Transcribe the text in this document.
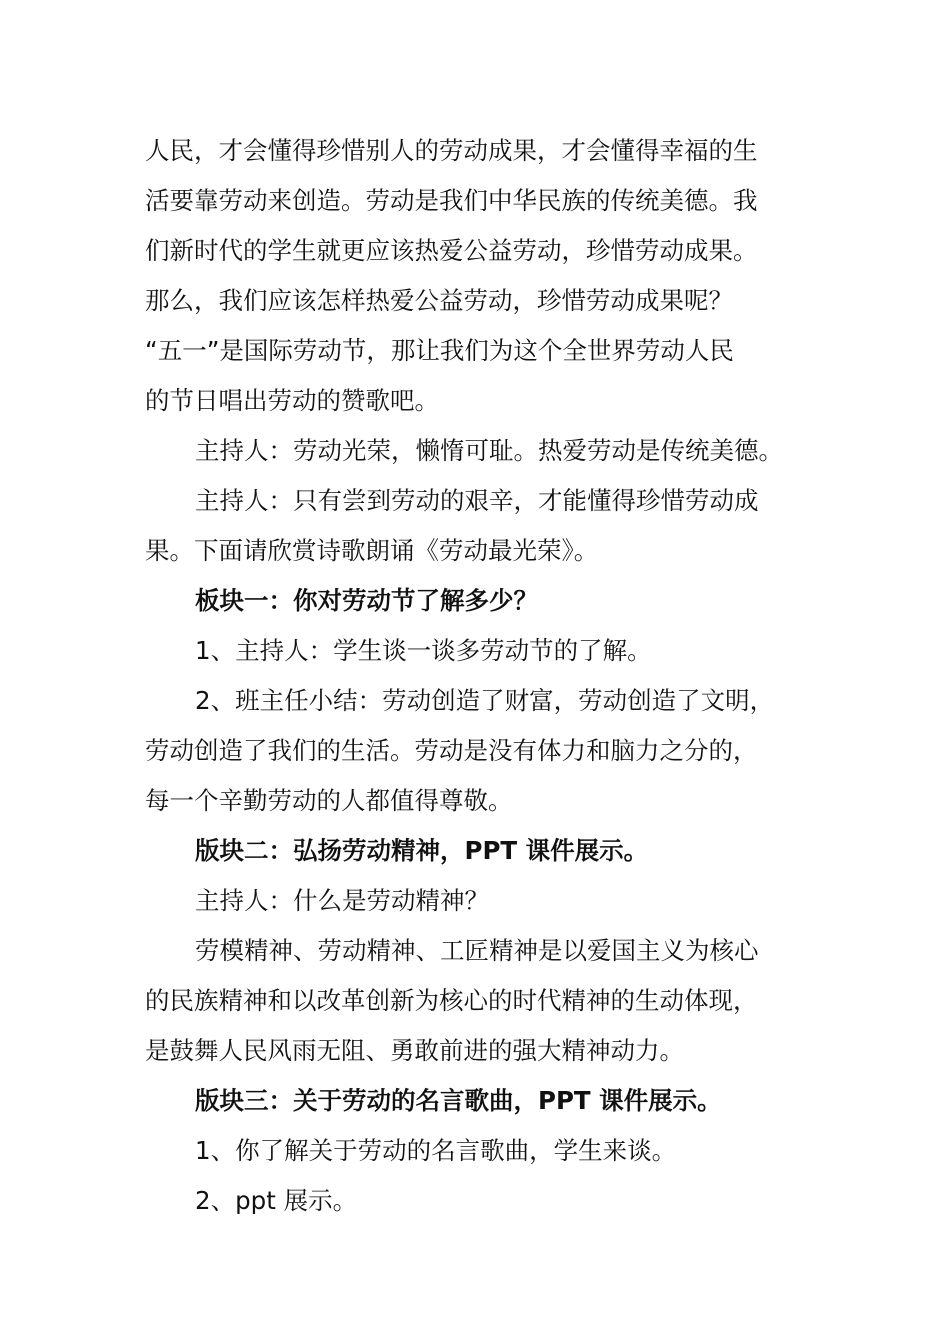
人民，才会懂得珍惜别人的劳动成果，才会懂得幸福的生

活要靠劳动来创造。劳动是我们中华民族的传统美德。我

们新时代的学生就更应该热爱公益劳动，珍惜劳动成果。

那么，我们应该怎样热爱公益劳动，珍惜劳动成果呢？

“五一”是国际劳动节，那让我们为这个全世界劳动人民

的节日唱出劳动的赞歌吧。

主持人：劳动光荣，懒惰可耻。热爱劳动是传统美德。

主持人：只有尝到劳动的艰辛，才能懂得珍惜劳动成

果。下面请欣赏诗歌朗诵《劳动最光荣》。

板块一：你对劳动节了解多少？

1、主持人：学生谈一谈多劳动节的了解。

2、班主任小结：劳动创造了财富，劳动创造了文明，

劳动创造了我们的生活。劳动是没有体力和脑力之分的，

每一个辛勤劳动的人都值得尊敬。

版块二：弘扬劳动精神，PPT 课件展示。

主持人：什么是劳动精神？

劳模精神、劳动精神、工匠精神是以爱国主义为核心

的民族精神和以改革创新为核心的时代精神的生动体现，

是鼓舞人民风雨无阻、勇敢前进的强大精神动力。

版块三：关于劳动的名言歌曲，PPT 课件展示。

1、你了解关于劳动的名言歌曲，学生来谈。

2、ppt 展示。
